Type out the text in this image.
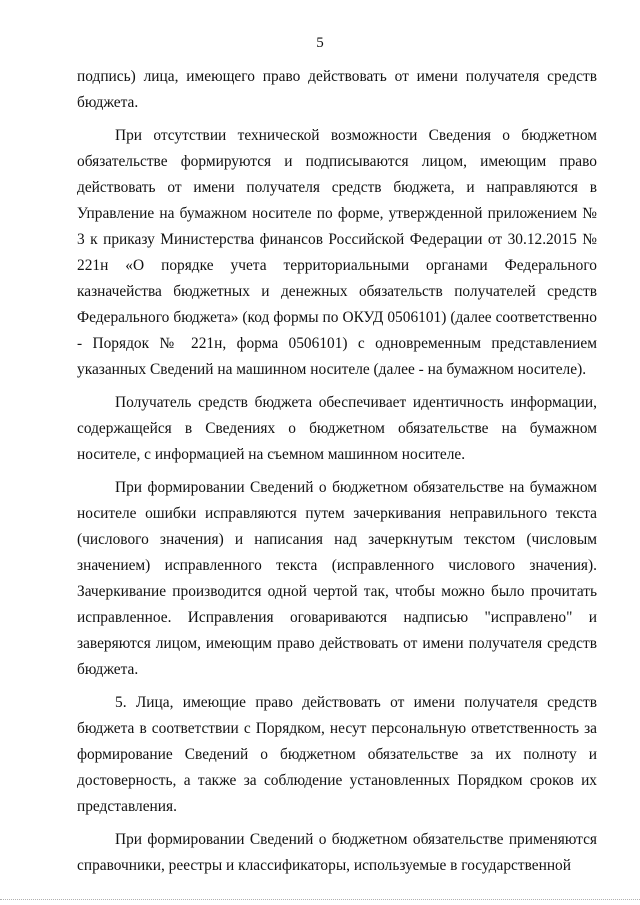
5

подпись) лица, имеющего право действовать от имени получателя средств бюджета.

При отсутствии технической возможности Сведения о бюджетном обязательстве формируются и подписываются лицом, имеющим право действовать от имени получателя средств бюджета, и направляются в Управление на бумажном носителе по форме, утвержденной приложением № 3 к приказу Министерства финансов Российской Федерации от 30.12.2015 № 221н «О порядке учета территориальными органами Федерального казначейства бюджетных и денежных обязательств получателей средств Федерального бюджета» (код формы по ОКУД 0506101) (далее соответственно - Порядок № 221н, форма 0506101) с одновременным представлением указанных Сведений на машинном носителе (далее - на бумажном носителе).

Получатель средств бюджета обеспечивает идентичность информации, содержащейся в Сведениях о бюджетном обязательстве на бумажном носителе, с информацией на съемном машинном носителе.

При формировании Сведений о бюджетном обязательстве на бумажном носителе ошибки исправляются путем зачеркивания неправильного текста (числового значения) и написания над зачеркнутым текстом (числовым значением) исправленного текста (исправленного числового значения). Зачеркивание производится одной чертой так, чтобы можно было прочитать исправленное. Исправления оговариваются надписью "исправлено" и заверяются лицом, имеющим право действовать от имени получателя средств бюджета.

5. Лица, имеющие право действовать от имени получателя средств бюджета в соответствии с Порядком, несут персональную ответственность за формирование Сведений о бюджетном обязательстве за их полноту и достоверность, а также за соблюдение установленных Порядком сроков их представления.

При формировании Сведений о бюджетном обязательстве применяются справочники, реестры и классификаторы, используемые в государственной
